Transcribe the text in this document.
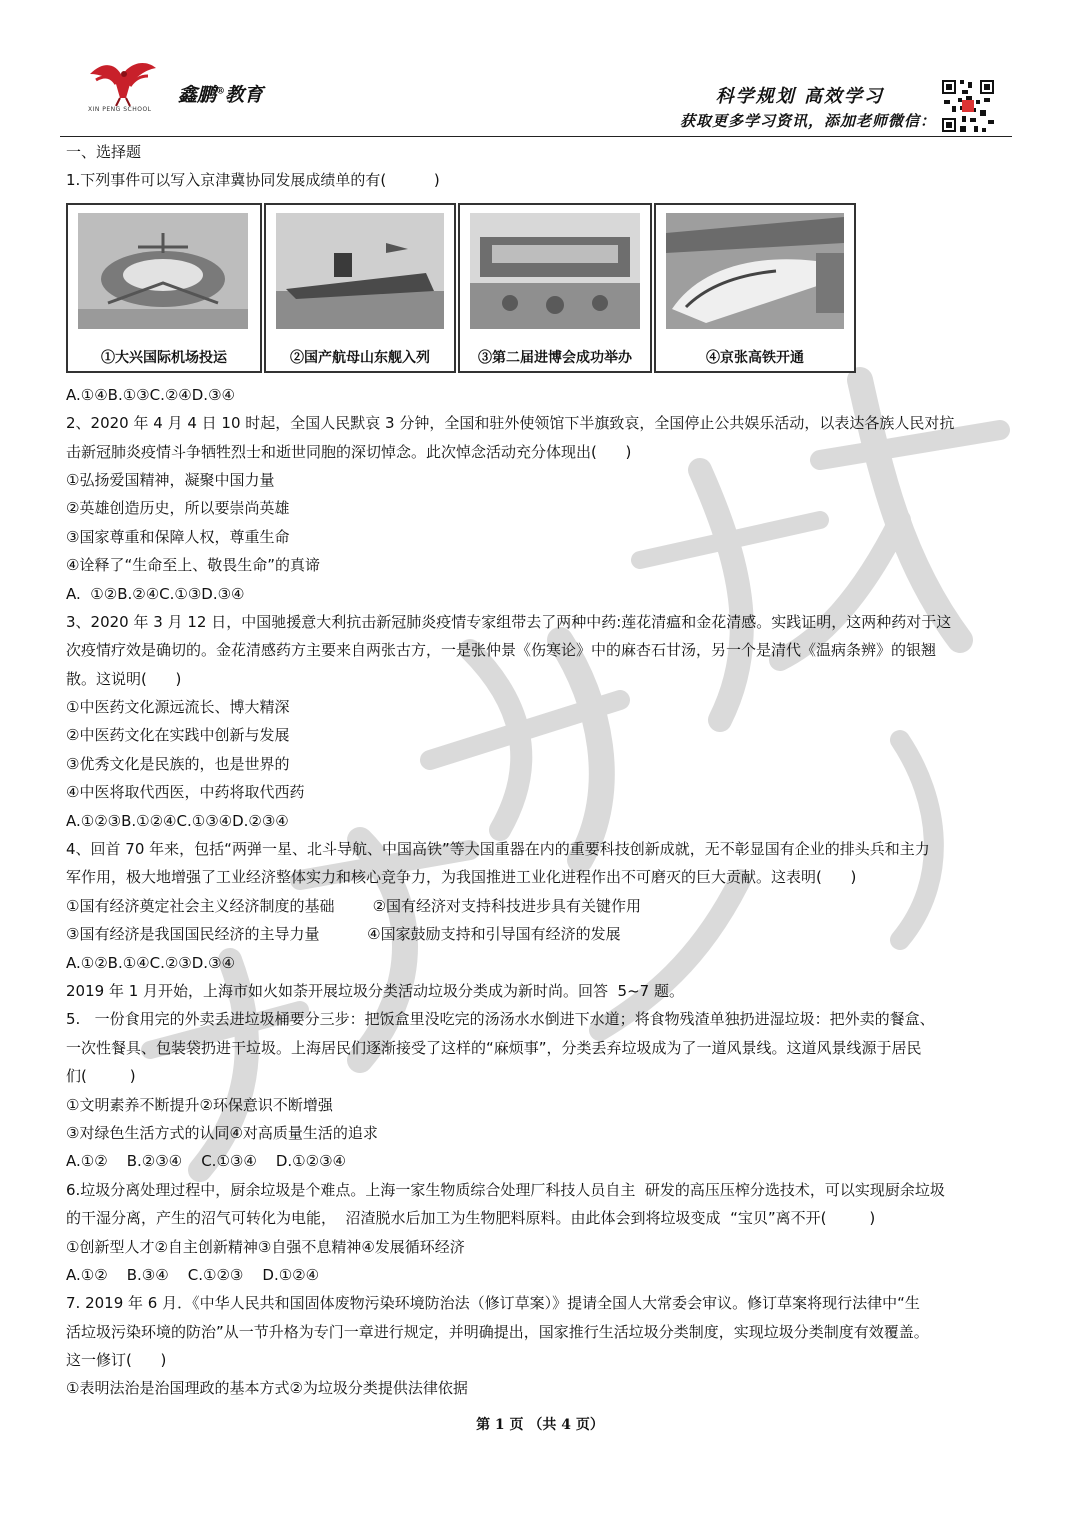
XIN PENG SCHOOL
鑫鹏®教育	科学规划 高效学习
获取更多学习资讯，添加老师微信：
一、选择题
1.下列事件可以写入京津冀协同发展成绩单的有(          )
①大兴国际机场投运	②国产航母山东舰入列	③第二届进博会成功举办	④京张高铁开通
A.①④B.①③C.②④D.③④
2、2020 年 4 月 4 日 10 时起，全国人民默哀 3 分钟，全国和驻外使领馆下半旗致哀，全国停止公共娱乐活动，以表达各族人民对抗
击新冠肺炎疫情斗争牺牲烈士和逝世同胞的深切悼念。此次悼念活动充分体现出(      )
①弘扬爱国精神，凝聚中国力量
②英雄创造历史，所以要崇尚英雄
③国家尊重和保障人权，尊重生命
④诠释了“生命至上、敬畏生命”的真谛
A.  ①②B.②④C.①③D.③④
3、2020 年 3 月 12 日，中国驰援意大利抗击新冠肺炎疫情专家组带去了两种中药:莲花清瘟和金花清感。实践证明，这两种药对于这
次疫情疗效是确切的。金花清感药方主要来自两张古方，一是张仲景《伤寒论》中的麻杏石甘汤，另一个是清代《温病条辨》的银翘
散。这说明(      )
①中医药文化源远流长、博大精深
②中医药文化在实践中创新与发展
③优秀文化是民族的，也是世界的
④中医将取代西医，中药将取代西药
A.①②③B.①②④C.①③④D.②③④
4、回首 70 年来，包括“两弹一星、北斗导航、中国高铁”等大国重器在内的重要科技创新成就，无不彰显国有企业的排头兵和主力
军作用，极大地增强了工业经济整体实力和核心竞争力，为我国推进工业化进程作出不可磨灭的巨大贡献。这表明(      )
①国有经济奠定社会主义经济制度的基础        ②国有经济对支持科技进步具有关键作用
③国有经济是我国国民经济的主导力量          ④国家鼓励支持和引导国有经济的发展
A.①②B.①④C.②③D.③④
2019 年 1 月开始，上海市如火如荼开展垃圾分类活动垃圾分类成为新时尚。回答  5~7 题。
5.   一份食用完的外卖丢进垃圾桶要分三步：把饭盒里没吃完的汤汤水水倒进下水道；将食物残渣单独扔进湿垃圾：把外卖的餐盒、
一次性餐具、包装袋扔进干垃圾。上海居民们逐渐接受了这样的“麻烦事”，分类丢弃垃圾成为了一道风景线。这道风景线源于居民
们(         )
①文明素养不断提升②环保意识不断增强
③对绿色生活方式的认同④对高质量生活的追求
A.①②    B.②③④    C.①③④    D.①②③④
6.垃圾分离处理过程中，厨余垃圾是个难点。上海一家生物质综合处理厂科技人员自主  研发的高压压榨分选技术，可以实现厨余垃圾
的干湿分离，产生的沼气可转化为电能，  沼渣脱水后加工为生物肥料原料。由此体会到将垃圾变成  “宝贝”离不开(         )
①创新型人才②自主创新精神③自强不息精神④发展循环经济
A.①②    B.③④    C.①②③    D.①②④
7. 2019 年 6 月．《中华人民共和国固体废物污染环境防治法（修订草案）》提请全国人大常委会审议。修订草案将现行法律中“生
活垃圾污染环境的防治”从一节升格为专门一章进行规定，并明确提出，国家推行生活垃圾分类制度，实现垃圾分类制度有效覆盖。
这一修订(      )
①表明法治是治国理政的基本方式②为垃圾分类提供法律依据
第 1 页 （共 4 页）
